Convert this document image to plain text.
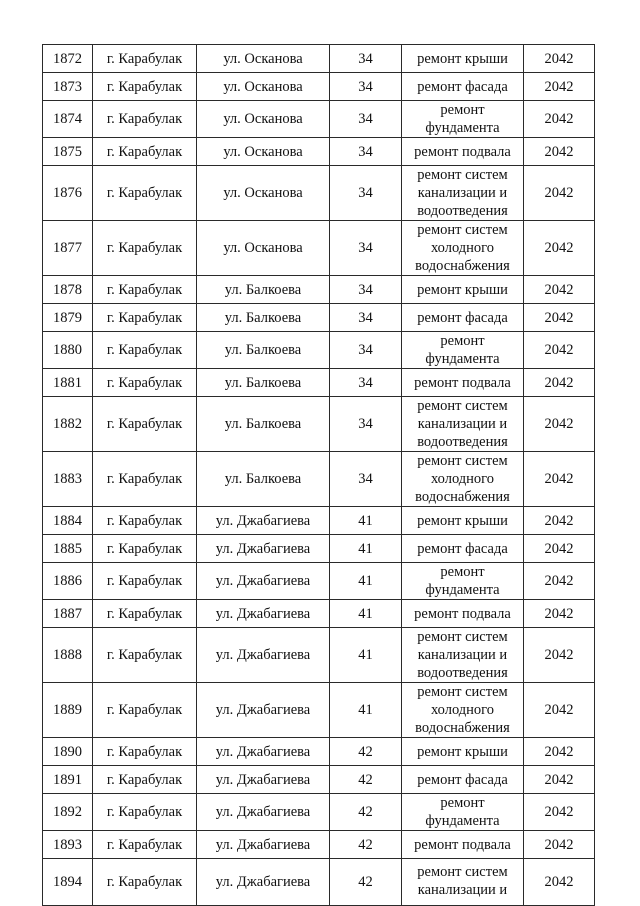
1872	г. Карабулак	ул. Осканова	34	ремонт крыши	2042
1873	г. Карабулак	ул. Осканова	34	ремонт фасада	2042
1874	г. Карабулак	ул. Осканова	34	ремонт фундамента	2042
1875	г. Карабулак	ул. Осканова	34	ремонт подвала	2042
1876	г. Карабулак	ул. Осканова	34	ремонт систем канализации и водоотведения	2042
1877	г. Карабулак	ул. Осканова	34	ремонт систем холодного водоснабжения	2042
1878	г. Карабулак	ул. Балкоева	34	ремонт крыши	2042
1879	г. Карабулак	ул. Балкоева	34	ремонт фасада	2042
1880	г. Карабулак	ул. Балкоева	34	ремонт фундамента	2042
1881	г. Карабулак	ул. Балкоева	34	ремонт подвала	2042
1882	г. Карабулак	ул. Балкоева	34	ремонт систем канализации и водоотведения	2042
1883	г. Карабулак	ул. Балкоева	34	ремонт систем холодного водоснабжения	2042
1884	г. Карабулак	ул. Джабагиева	41	ремонт крыши	2042
1885	г. Карабулак	ул. Джабагиева	41	ремонт фасада	2042
1886	г. Карабулак	ул. Джабагиева	41	ремонт фундамента	2042
1887	г. Карабулак	ул. Джабагиева	41	ремонт подвала	2042
1888	г. Карабулак	ул. Джабагиева	41	ремонт систем канализации и водоотведения	2042
1889	г. Карабулак	ул. Джабагиева	41	ремонт систем холодного водоснабжения	2042
1890	г. Карабулак	ул. Джабагиева	42	ремонт крыши	2042
1891	г. Карабулак	ул. Джабагиева	42	ремонт фасада	2042
1892	г. Карабулак	ул. Джабагиева	42	ремонт фундамента	2042
1893	г. Карабулак	ул. Джабагиева	42	ремонт подвала	2042
1894	г. Карабулак	ул. Джабагиева	42	ремонт систем канализации и	2042
